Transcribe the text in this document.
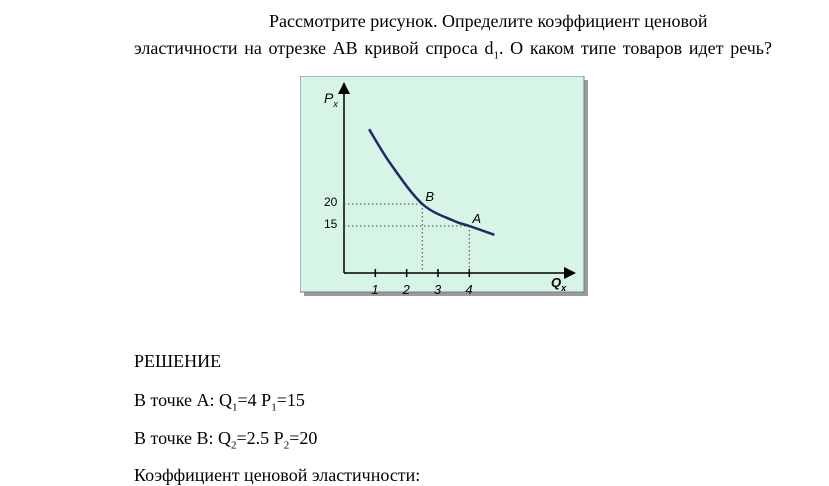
Рассмотрите рисунок. Определите коэффициент ценовой
эластичности на отрезке АВ кривой спроса $d_1$. О каком типе товаров идет речь?
1 2 3 4
20
15
B
A
$P_x$
$Q_x$
РЕШЕНИЕ
В точке А: $Q_1=4$ $P_1=15$
В точке В: $Q_2=2.5$ $P_2=20$
Коэффициент ценовой эластичности:
